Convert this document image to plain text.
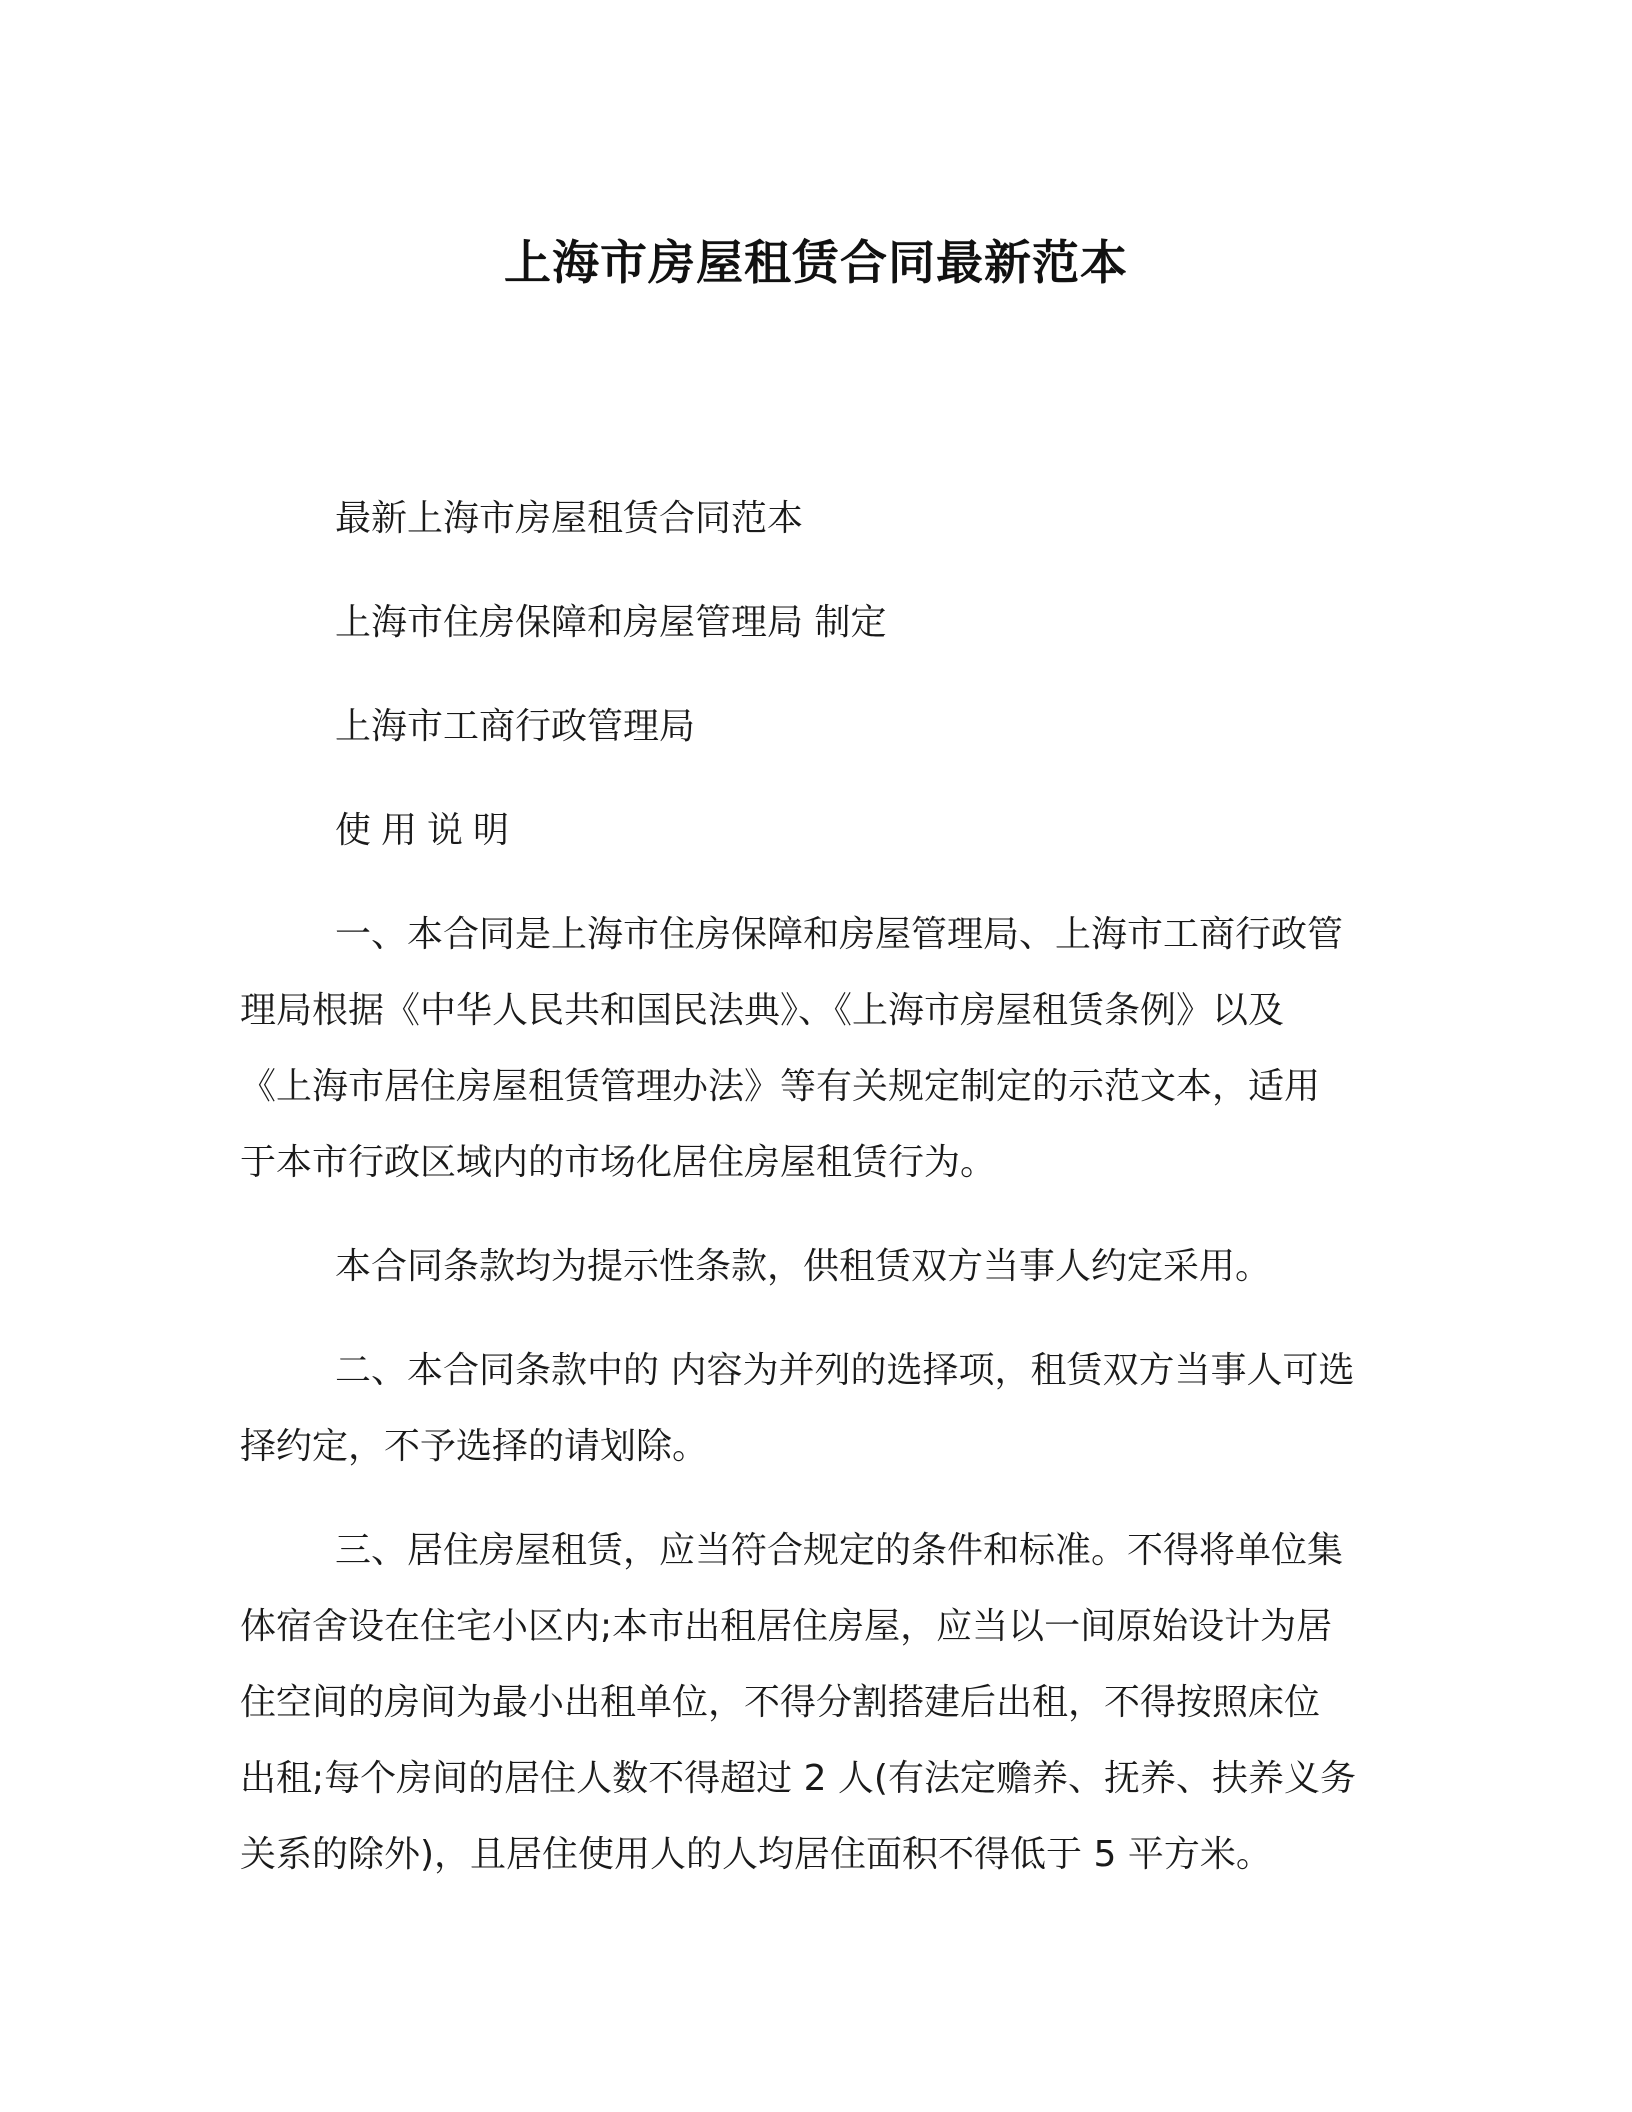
上海市房屋租赁合同最新范本
最新上海市房屋租赁合同范本
上海市住房保障和房屋管理局 制定
上海市工商行政管理局
使用说明
一、本合同是上海市住房保障和房屋管理局、上海市工商行政管
理局根据《中华人民共和国民法典》、《上海市房屋租赁条例》以及
《上海市居住房屋租赁管理办法》等有关规定制定的示范文本，适用
于本市行政区域内的市场化居住房屋租赁行为。
本合同条款均为提示性条款，供租赁双方当事人约定采用。
二、本合同条款中的 内容为并列的选择项，租赁双方当事人可选
择约定，不予选择的请划除。
三、居住房屋租赁，应当符合规定的条件和标准。不得将单位集
体宿舍设在住宅小区内;本市出租居住房屋，应当以一间原始设计为居
住空间的房间为最小出租单位，不得分割搭建后出租，不得按照床位
出租;每个房间的居住人数不得超过 2 人(有法定赡养、抚养、扶养义务
关系的除外)，且居住使用人的人均居住面积不得低于 5 平方米。
